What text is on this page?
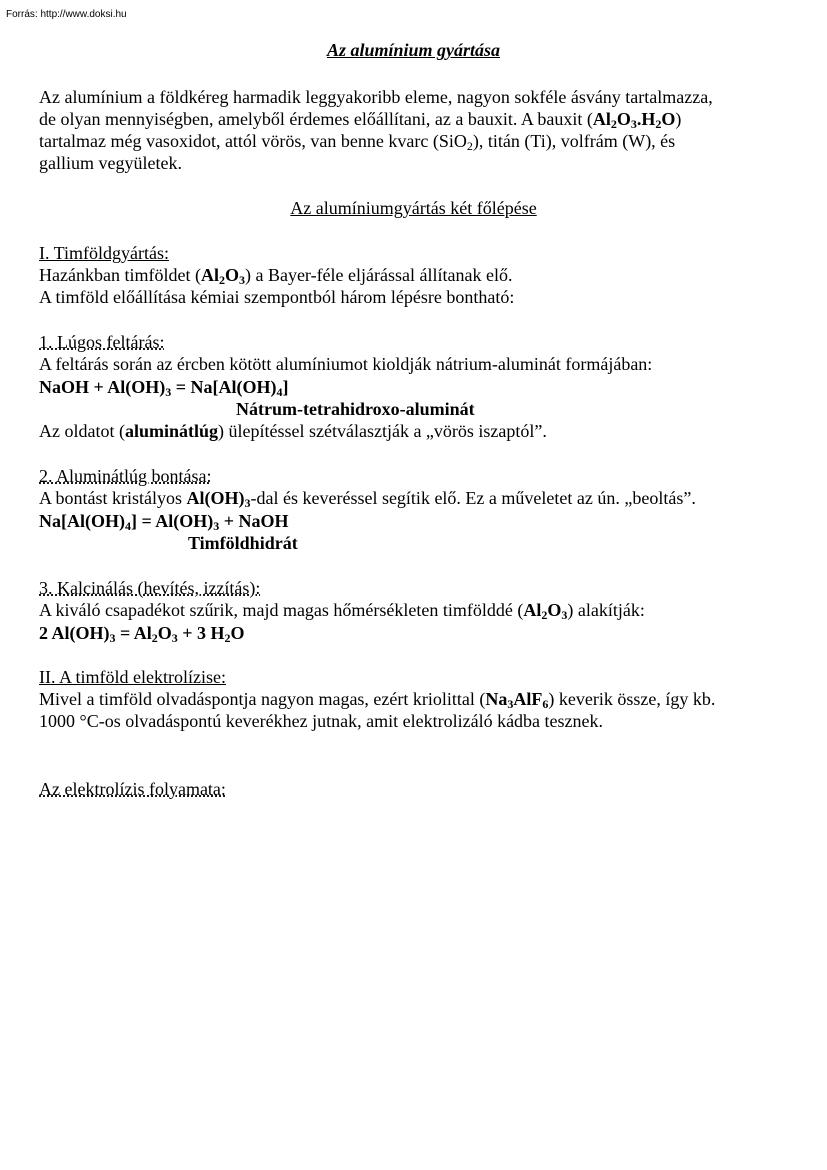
Forrás: http://www.doksi.hu
Az alumínium gyártása
Az alumínium a földkéreg harmadik leggyakoribb eleme, nagyon sokféle ásvány tartalmazza,
de olyan mennyiségben, amelyből érdemes előállítani, az a bauxit. A bauxit $(Al_2O_3.H_2O)$
tartalmaz még vasoxidot, attól vörös, van benne kvarc (SiO$_2$), titán (Ti), volfrám (W), és
gallium vegyületek.
Az alumíniumgyártás két főlépése
I. Timföldgyártás:
Hazánkban timföldet $(Al_2O_3)$ a Bayer-féle eljárással állítanak elő.
A timföld előállítása kémiai szempontból három lépésre bontható:
1. Lúgos feltárás:
A feltárás során az ércben kötött alumíniumot kioldják nátrium-aluminát formájában:
NaOH + $Al(OH)_3 = Na[Al(OH)_4]$
Nátrum-tetrahidroxo-aluminát
Az oldatot (aluminátlúg) ülepítéssel szétválasztják a „vörös iszaptól”.
2. Aluminátlúg bontása:
A bontást kristályos $Al(OH)_3$-dal és keveréssel segítik elő. Ez a műveletet az ún. „beoltás”.
$Na[Al(OH)_4] = Al(OH)_3$ + NaOH
Timföldhidrát
3. Kalcinálás (hevítés, izzítás):
A kiváló csapadékot szűrik, majd magas hőmérsékleten timfölddé $(Al_2O_3)$ alakítják:
2 $Al(OH)_3 = Al_2O_3 + 3$ $H_2O$
II. A timföld elektrolízise:
Mivel a timföld olvadáspontja nagyon magas, ezért kriolittal $(Na_3AlF_6)$ keverik össze, így kb.
1000 °C-os olvadáspontú keverékhez jutnak, amit elektrolizáló kádba tesznek.
Az elektrolízis folyamata:
